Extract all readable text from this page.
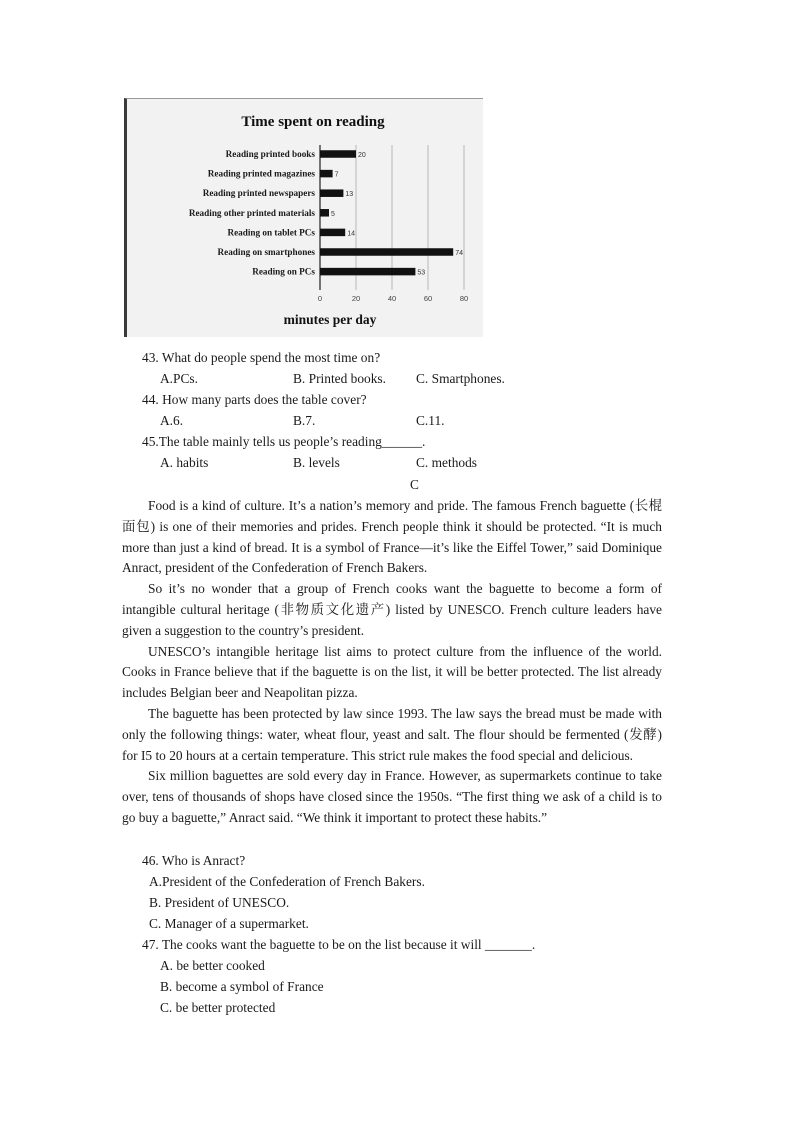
Time spent on reading
0	20	40	60	80
Reading printed books	20
Reading printed magazines	7
Reading printed newspapers	13
Reading other printed materials 5
Reading on tablet PCs	14
Reading on smartphones	74
Reading on PCs	53
minutes per day
43. What do people spend the most time on?
A.PCs.	B. Printed books. C. Smartphones.
44. How many parts does the table cover?
A.6.	B.7.	C.11.
45.The table mainly tells us people’s reading______.
A. habits	B. levels	C. methods
C

Food is a kind of culture. It’s a nation’s memory and pride. The famous French baguette (长棍面包) is one of their memories and prides. French people think it should be protected. “It is much more than just a kind of bread. It is a symbol of France—it’s like the Eiffel Tower,” said Dominique Anract, president of the Confederation of French Bakers.

So it’s no wonder that a group of French cooks want the baguette to become a form of intangible cultural heritage (非物质文化遗产) listed by UNESCO. French culture leaders have given a suggestion to the country’s president.

UNESCO’s intangible heritage list aims to protect culture from the influence of the world. Cooks in France believe that if the baguette is on the list, it will be better protected. The list already includes Belgian beer and Neapolitan pizza.

The baguette has been protected by law since 1993. The law says the bread must be made with only the following things: water, wheat flour, yeast and salt. The flour should be fermented (发酵) for I5 to 20 hours at a certain temperature. This strict rule makes the food special and delicious.

Six million baguettes are sold every day in France. However, as supermarkets continue to take over, tens of thousands of shops have closed since the 1950s. “The first thing we ask of a child is to go buy a baguette,” Anract said. “We think it important to protect these habits.”

46. Who is Anract?
A.President of the Confederation of French Bakers.
B. President of UNESCO.
C. Manager of a supermarket.
47. The cooks want the baguette to be on the list because it will _______.
A. be better cooked
B. become a symbol of France
C. be better protected
